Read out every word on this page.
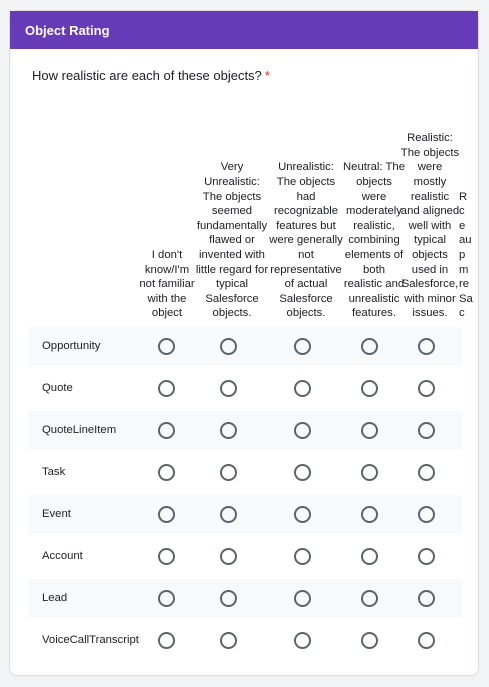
Object Rating
How realistic are each of these objects? *
I don't know/I'm not familiar with the object
Very Unrealistic: The objects seemed fundamentally flawed or invented with little regard for typical Salesforce objects.
Unrealistic: The objects had recognizable features but were generally not representative of actual Salesforce objects.
Neutral: The objects were moderately realistic, combining elements of both realistic and unrealistic features.
Realistic: The objects were mostly realistic and aligned well with typical objects used in Salesforce, with minor issues.
R c e au p m re Sa c
Opportunity
Quote
QuoteLineItem
Task
Event
Account
Lead
VoiceCallTranscript
